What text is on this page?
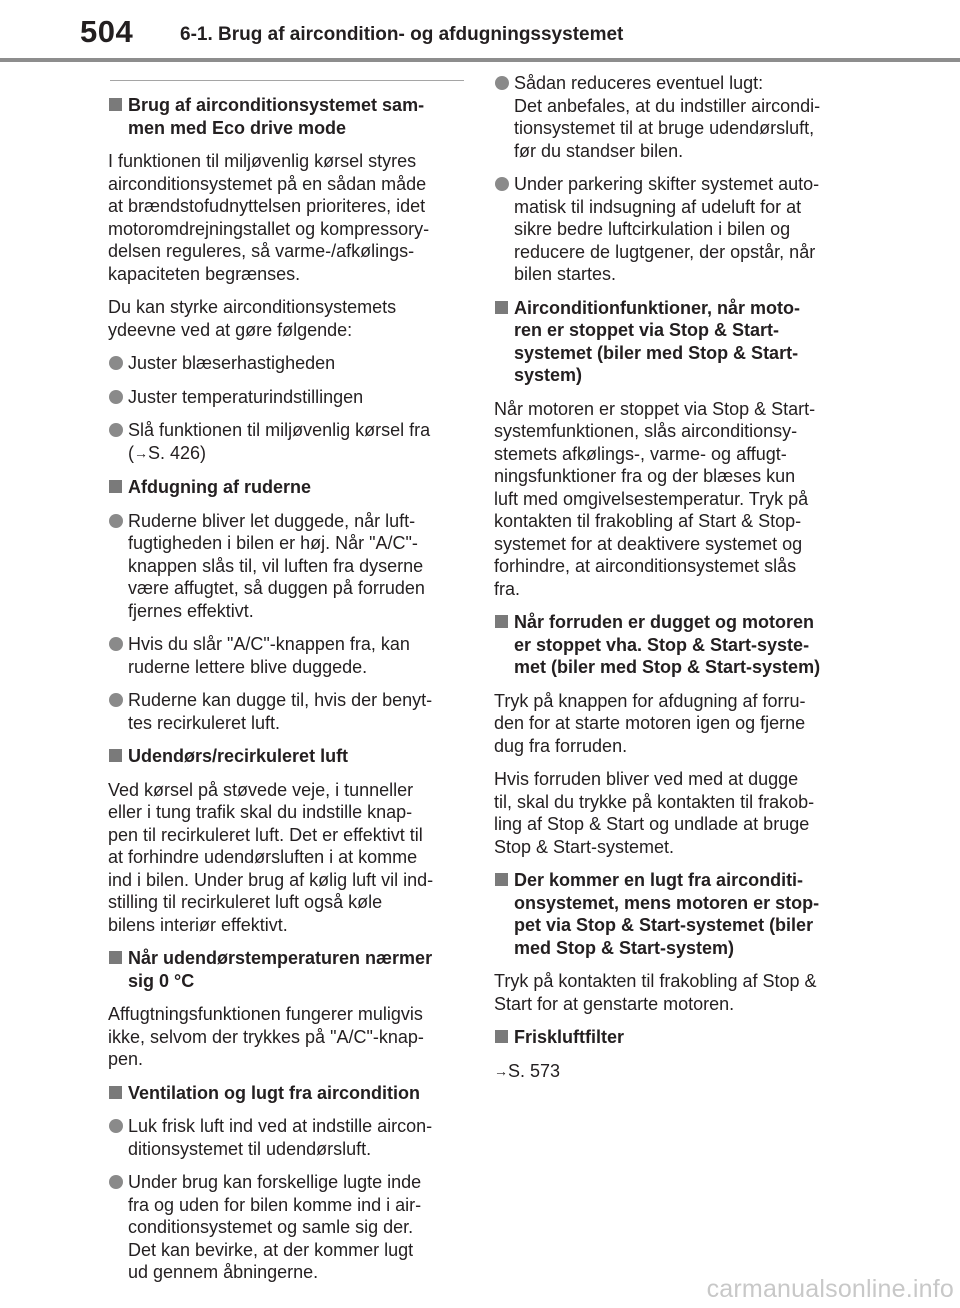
504 6-1. Brug af aircondition- og afdugningssystemet
Brug af airconditionsystemet sam-
men med Eco drive mode
I funktionen til miljøvenlig kørsel styres
airconditionsystemet på en sådan måde
at brændstofudnyttelsen prioriteres, idet
motoromdrejningstallet og kompressory-
delsen reguleres, så varme-/afkølings-
kapaciteten begrænses.
Du kan styrke airconditionsystemets
ydeevne ved at gøre følgende:
Juster blæserhastigheden
Juster temperaturindstillingen
Slå funktionen til miljøvenlig kørsel fra
(→S. 426)
Afdugning af ruderne
Ruderne bliver let duggede, når luft-
fugtigheden i bilen er høj. Når "A/C"-
knappen slås til, vil luften fra dyserne
være affugtet, så duggen på forruden
fjernes effektivt.
Hvis du slår "A/C"-knappen fra, kan
ruderne lettere blive duggede.
Ruderne kan dugge til, hvis der benyt-
tes recirkuleret luft.
Udendørs/recirkuleret luft
Ved kørsel på støvede veje, i tunneller
eller i tung trafik skal du indstille knap-
pen til recirkuleret luft. Det er effektivt til
at forhindre udendørsluften i at komme
ind i bilen. Under brug af kølig luft vil ind-
stilling til recirkuleret luft også køle
bilens interiør effektivt.
Når udendørstemperaturen nærmer
sig 0 °C
Affugtningsfunktionen fungerer muligvis
ikke, selvom der trykkes på "A/C"-knap-
pen.
Ventilation og lugt fra aircondition
Luk frisk luft ind ved at indstille aircon-
ditionsystemet til udendørsluft.
Under brug kan forskellige lugte inde
fra og uden for bilen komme ind i air-
conditionsystemet og samle sig der.
Det kan bevirke, at der kommer lugt
ud gennem åbningerne.
Sådan reduceres eventuel lugt:
Det anbefales, at du indstiller aircondi-
tionsystemet til at bruge udendørsluft,
før du standser bilen.
Under parkering skifter systemet auto-
matisk til indsugning af udeluft for at
sikre bedre luftcirkulation i bilen og
reducere de lugtgener, der opstår, når
bilen startes.
Airconditionfunktioner, når moto-
ren er stoppet via Stop & Start-
systemet (biler med Stop & Start-
system)
Når motoren er stoppet via Stop & Start-
systemfunktionen, slås airconditionsy-
stemets afkølings-, varme- og affugt-
ningsfunktioner fra og der blæses kun
luft med omgivelsestemperatur. Tryk på
kontakten til frakobling af Start & Stop-
systemet for at deaktivere systemet og
forhindre, at airconditionsystemet slås
fra.
Når forruden er dugget og motoren
er stoppet vha. Stop & Start-syste-
met (biler med Stop & Start-system)
Tryk på knappen for afdugning af forru-
den for at starte motoren igen og fjerne
dug fra forruden.
Hvis forruden bliver ved med at dugge
til, skal du trykke på kontakten til frakob-
ling af Stop & Start og undlade at bruge
Stop & Start-systemet.
Der kommer en lugt fra airconditi-
onsystemet, mens motoren er stop-
pet via Stop & Start-systemet (biler
med Stop & Start-system)
Tryk på kontakten til frakobling af Stop &
Start for at genstarte motoren.
Friskluftfilter
→S. 573
carmanualsonline.info
